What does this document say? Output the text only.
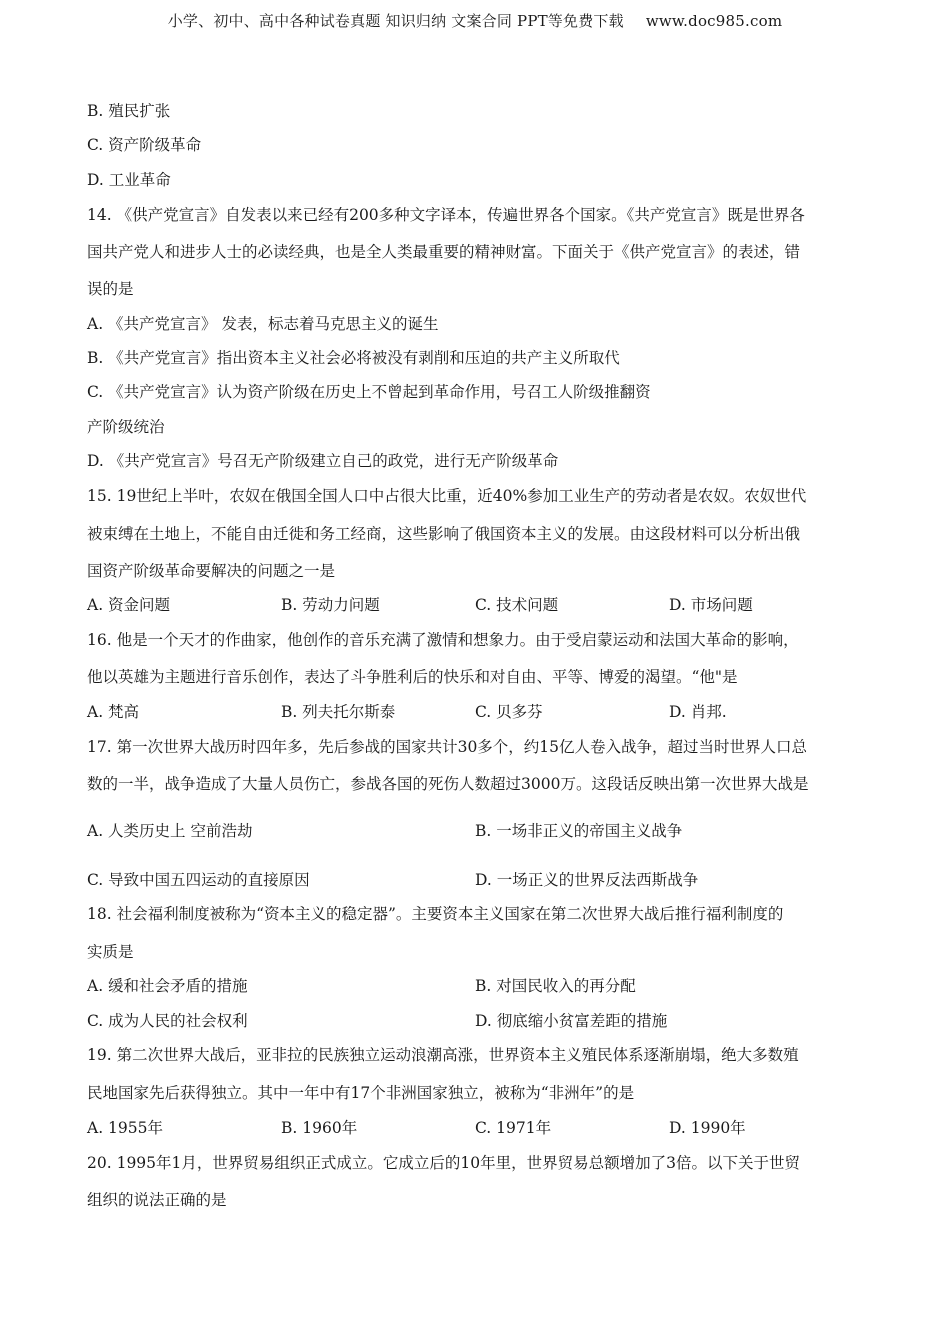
小学、初中、高中各种试卷真题 知识归纳 文案合同 PPT等免费下载 www.doc985.com
B. 殖民扩张
C. 资产阶级革命
D. 工业革命
14. 《供产党宣言》自发表以来已经有200多种文字译本，传遍世界各个国家。《共产党宣言》既是世界各
国共产党人和进步人士的必读经典，也是全人类最重要的精神财富。下面关于《供产党宣言》的表述，错
误的是
A. 《共产党宣言》 发表，标志着马克思主义的诞生
B. 《共产党宣言》指出资本主义社会必将被没有剥削和压迫的共产主义所取代
C. 《共产党宣言》认为资产阶级在历史上不曾起到革命作用，号召工人阶级推翻资
产阶级统治
D. 《共产党宣言》号召无产阶级建立自己的政党，进行无产阶级革命
15. 19世纪上半叶，农奴在俄国全国人口中占很大比重，近40%参加工业生产的劳动者是农奴。农奴世代
被束缚在土地上，不能自由迁徙和务工经商，这些影响了俄国资本主义的发展。由这段材料可以分析出俄
国资产阶级革命要解决的问题之一是
A. 资金问题	B. 劳动力问题	C. 技术问题	D. 市场问题
16. 他是一个天才的作曲家，他创作的音乐充满了激情和想象力。由于受启蒙运动和法国大革命的影响，
他以英雄为主题进行音乐创作，表达了斗争胜利后的快乐和对自由、平等、博爱的渴望。“他"是
A. 梵高	B. 列夫托尔斯泰	C. 贝多芬	D. 肖邦.
17. 第一次世界大战历时四年多，先后参战的国家共计30多个，约15亿人卷入战争，超过当时世界人口总
数的一半，战争造成了大量人员伤亡，参战各国的死伤人数超过3000万。这段话反映出第一次世界大战是
A. 人类历史上 空前浩劫	B. 一场非正义的帝国主义战争
C. 导致中国五四运动的直接原因	D. 一场正义的世界反法西斯战争
18. 社会福利制度被称为“资本主义的稳定器”。主要资本主义国家在第二次世界大战后推行福利制度的
实质是
A. 缓和社会矛盾的措施	B. 对国民收入的再分配
C. 成为人民的社会权利	D. 彻底缩小贫富差距的措施
19. 第二次世界大战后，亚非拉的民族独立运动浪潮高涨，世界资本主义殖民体系逐渐崩塌，绝大多数殖
民地国家先后获得独立。其中一年中有17个非洲国家独立，被称为“非洲年”的是
A. 1955年	B. 1960年	C. 1971年	D. 1990年
20. 1995年1月，世界贸易组织正式成立。它成立后的10年里，世界贸易总额增加了3倍。以下关于世贸
组织的说法正确的是
